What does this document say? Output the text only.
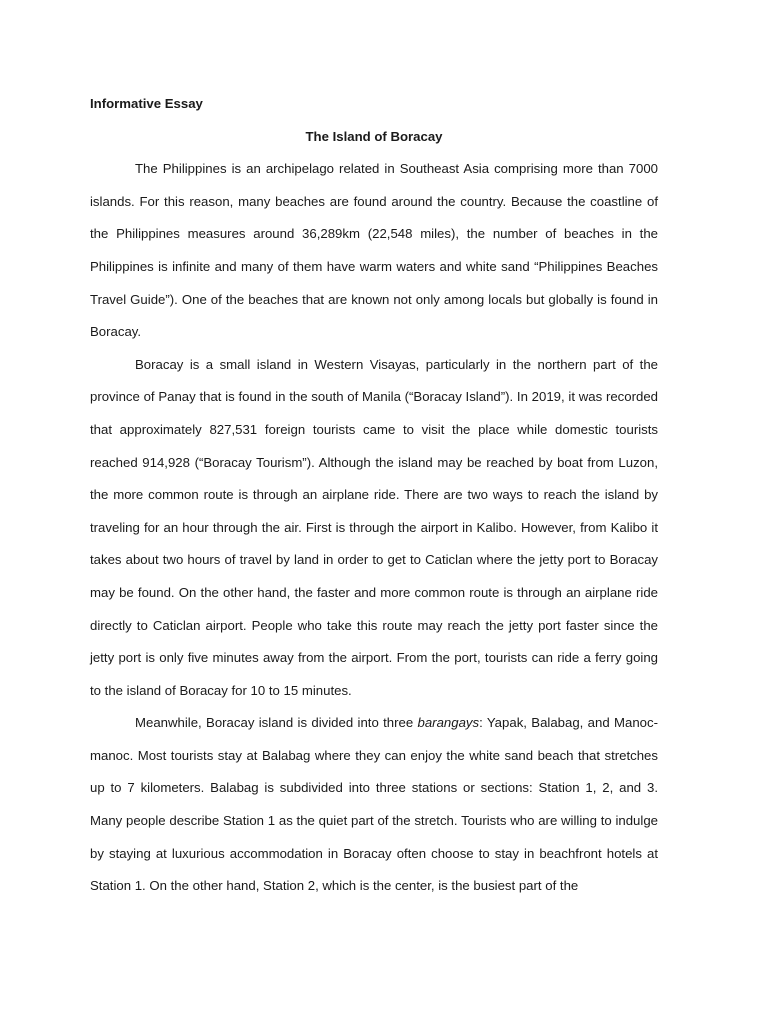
Informative Essay

The Island of Boracay

The Philippines is an archipelago related in Southeast Asia comprising more than 7000 islands. For this reason, many beaches are found around the country. Because the coastline of the Philippines measures around 36,289km (22,548 miles), the number of beaches in the Philippines is infinite and many of them have warm waters and white sand “Philippines Beaches Travel Guide”). One of the beaches that are known not only among locals but globally is found in Boracay.

Boracay is a small island in Western Visayas, particularly in the northern part of the province of Panay that is found in the south of Manila (“Boracay Island”). In 2019, it was recorded that approximately 827,531 foreign tourists came to visit the place while domestic tourists reached 914,928 (“Boracay Tourism”). Although the island may be reached by boat from Luzon, the more common route is through an airplane ride. There are two ways to reach the island by traveling for an hour through the air. First is through the airport in Kalibo. However, from Kalibo it takes about two hours of travel by land in order to get to Caticlan where the jetty port to Boracay may be found. On the other hand, the faster and more common route is through an airplane ride directly to Caticlan airport. People who take this route may reach the jetty port faster since the jetty port is only five minutes away from the airport. From the port, tourists can ride a ferry going to the island of Boracay for 10 to 15 minutes.

Meanwhile, Boracay island is divided into three barangays: Yapak, Balabag, and Manoc-manoc. Most tourists stay at Balabag where they can enjoy the white sand beach that stretches up to 7 kilometers. Balabag is subdivided into three stations or sections: Station 1, 2, and 3. Many people describe Station 1 as the quiet part of the stretch. Tourists who are willing to indulge by staying at luxurious accommodation in Boracay often choose to stay in beachfront hotels at Station 1. On the other hand, Station 2, which is the center, is the busiest part of the
